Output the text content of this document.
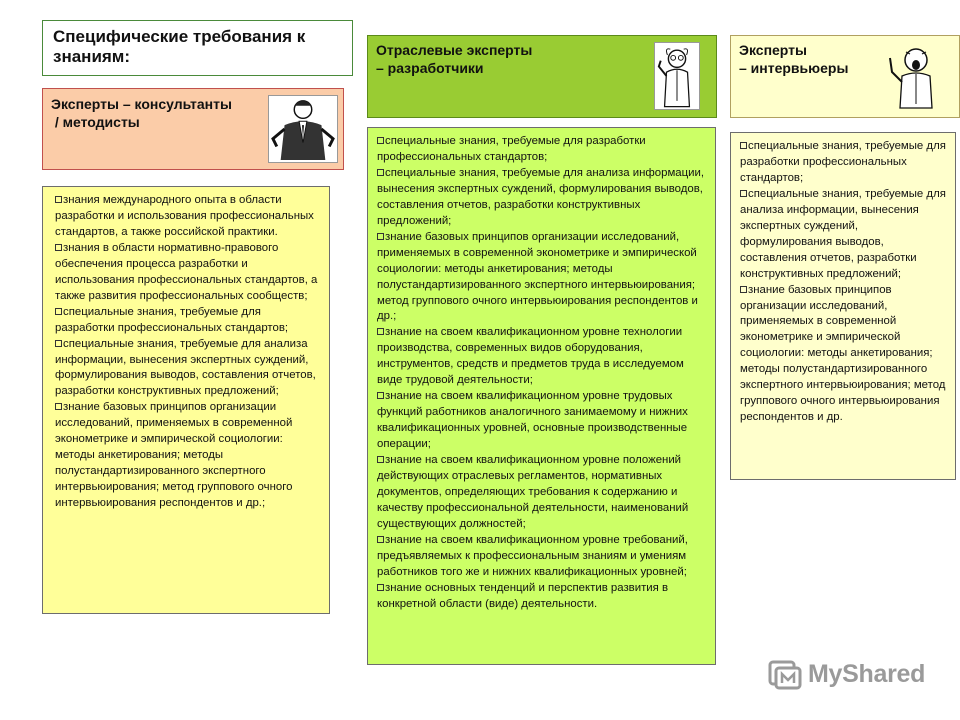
Специфические требования к знаниям:
Эксперты – консультанты
/ методисты

знания международного опыта в области разработки и использования профессиональных стандартов, а также российской практики.

знания в области нормативно-правового обеспечения процесса разработки и использования профессиональных стандартов, а также развития профессиональных сообществ;

специальные знания, требуемые для разработки профессиональных стандартов;

специальные знания, требуемые для анализа информации, вынесения экспертных суждений, формулирования выводов, составления отчетов, разработки конструктивных предложений;

знание базовых принципов организации исследований, применяемых в современной эконометрике и эмпирической социологии: методы анкетирования; методы полустандартизированного экспертного интервьюирования; метод группового очного интервьюирования респондентов и др.;

Отраслевые эксперты
– разработчики

специальные знания, требуемые для разработки профессиональных стандартов;

специальные знания, требуемые для анализа информации, вынесения экспертных суждений, формулирования выводов, составления отчетов, разработки конструктивных предложений;

знание базовых принципов организации исследований, применяемых в современной эконометрике и эмпирической социологии: методы анкетирования; методы полустандартизированного экспертного интервьюирования; метод группового очного интервьюирования респондентов и др.;

знание на своем квалификационном уровне технологии производства, современных видов оборудования, инструментов, средств и предметов труда в исследуемом виде трудовой деятельности;

знание на своем квалификационном уровне трудовых функций работников аналогичного занимаемому и нижних квалификационных уровней, основные производственные операции;

знание на своем квалификационном уровне положений действующих отраслевых регламентов, нормативных документов, определяющих требования к содержанию и качеству профессиональной деятельности, наименований существующих должностей;

знание на своем квалификационном уровне требований, предъявляемых к профессиональным знаниям и умениям работников того же и нижних квалификационных уровней;

знание основных тенденций и перспектив развития в конкретной области (виде) деятельности.

Эксперты
– интервьюеры

специальные знания, требуемые для разработки профессиональных стандартов;

специальные знания, требуемые для анализа информации, вынесения экспертных суждений, формулирования выводов, составления отчетов, разработки конструктивных предложений;

знание базовых принципов организации исследований, применяемых в современной эконометрике и эмпирической социологии: методы анкетирования; методы полустандартизированного экспертного интервьюирования; метод группового очного интервьюирования респондентов и др.

MyShared
